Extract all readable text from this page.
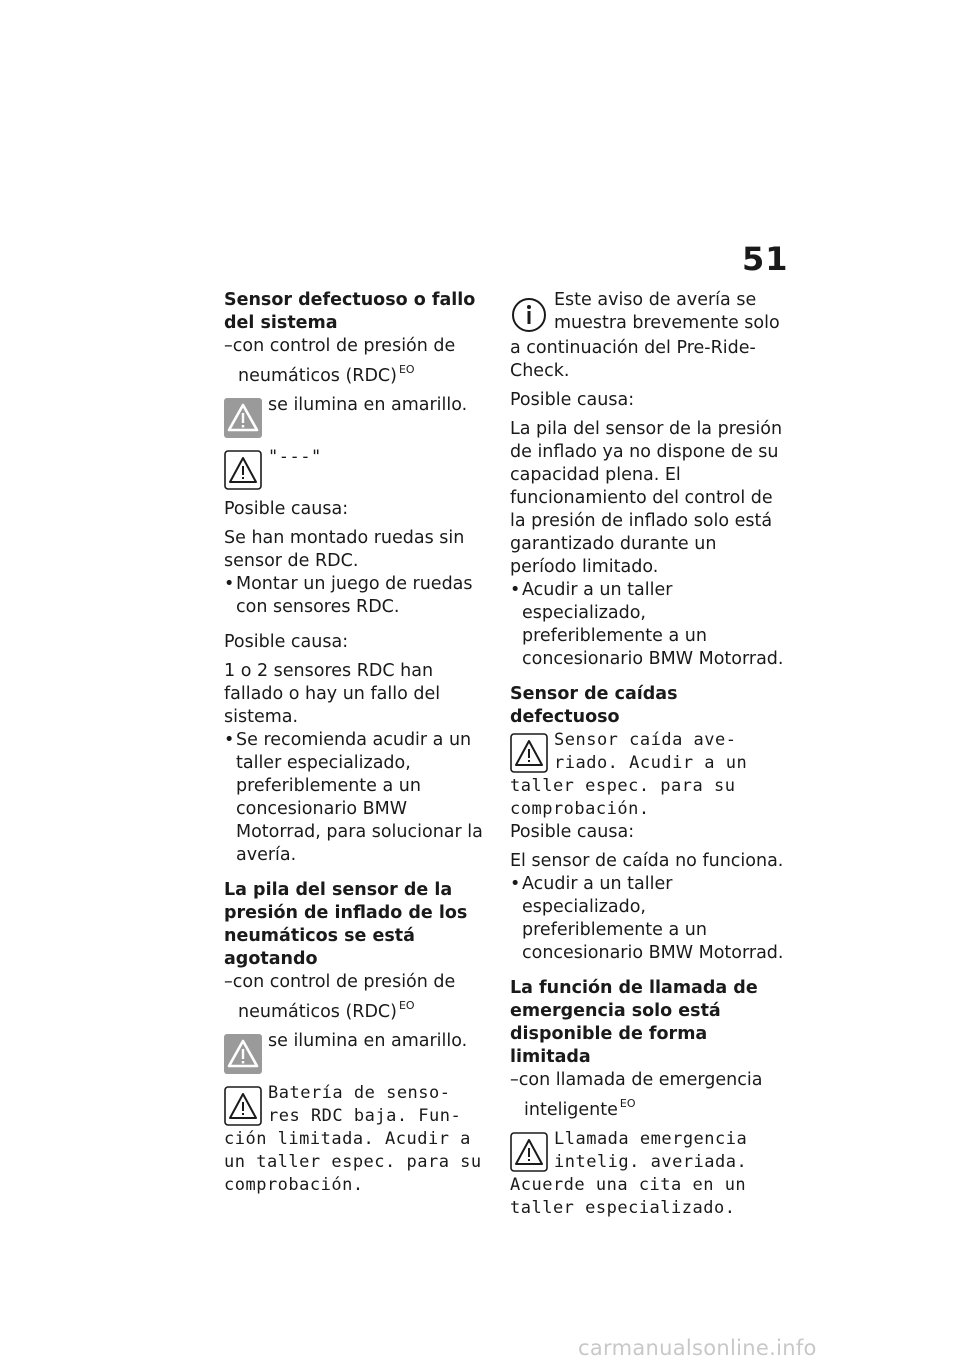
51

Sensor defectuoso o fallo del sistema

–con control de presión de neumáticos (RDC) $^{EO}$

se ilumina en amarillo.

"---"

Posible causa:

Se han montado ruedas sin sensor de RDC.

•Montar un juego de ruedas con sensores RDC.

Posible causa:

1 o 2 sensores RDC han fallado o hay un fallo del sistema.

•Se recomienda acudir a un taller especializado, preferiblemente a un concesionario BMW Motorrad, para solucionar la avería.

La pila del sensor de la presión de inflado de los neumáticos se está agotando

–con control de presión de neumáticos (RDC) $^{EO}$

se ilumina en amarillo.

Batería de senso-

res RDC baja. Fun-

ción limitada. Acudir a

un taller espec. para su

comprobación.

Este aviso de avería se

muestra brevemente solo

a continuación del Pre-Ride-Check.

Posible causa:

La pila del sensor de la presión de inflado ya no dispone de su capacidad plena. El funcionamiento del control de la presión de inflado solo está garantizado durante un período limitado.

•Acudir a un taller especializado, preferiblemente a un concesionario BMW Motorrad.

Sensor de caídas defectuoso

Sensor caída ave-

riado. Acudir a un

taller espec. para su

comprobación.

Posible causa:

El sensor de caída no funciona.

•Acudir a un taller especializado, preferiblemente a un concesionario BMW Motorrad.

La función de llamada de emergencia solo está disponible de forma limitada

–con llamada de emergencia inteligente $^{EO}$

Llamada emergencia

intelig. averiada.

Acuerde una cita en un

taller especializado.

carmanualsonline.info
